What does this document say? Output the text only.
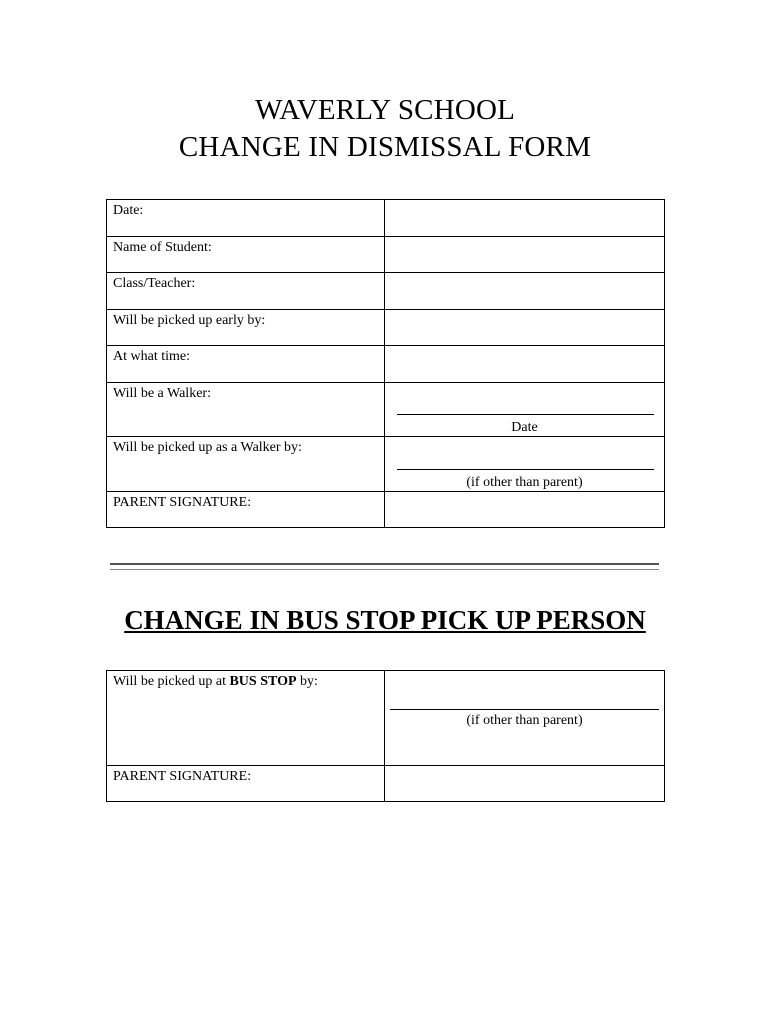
WAVERLY SCHOOL
CHANGE IN DISMISSAL FORM
Date:	
Name of Student:	
Class/Teacher:	
Will be picked up early by:	
At what time:	
Will be a Walker:	Date

Will be picked up as a Walker by:	(if other than parent)

PARENT SIGNATURE:	
CHANGE IN BUS STOP PICK UP PERSON
Will be picked up at BUS STOP by:	(if other than parent)

PARENT SIGNATURE:	
